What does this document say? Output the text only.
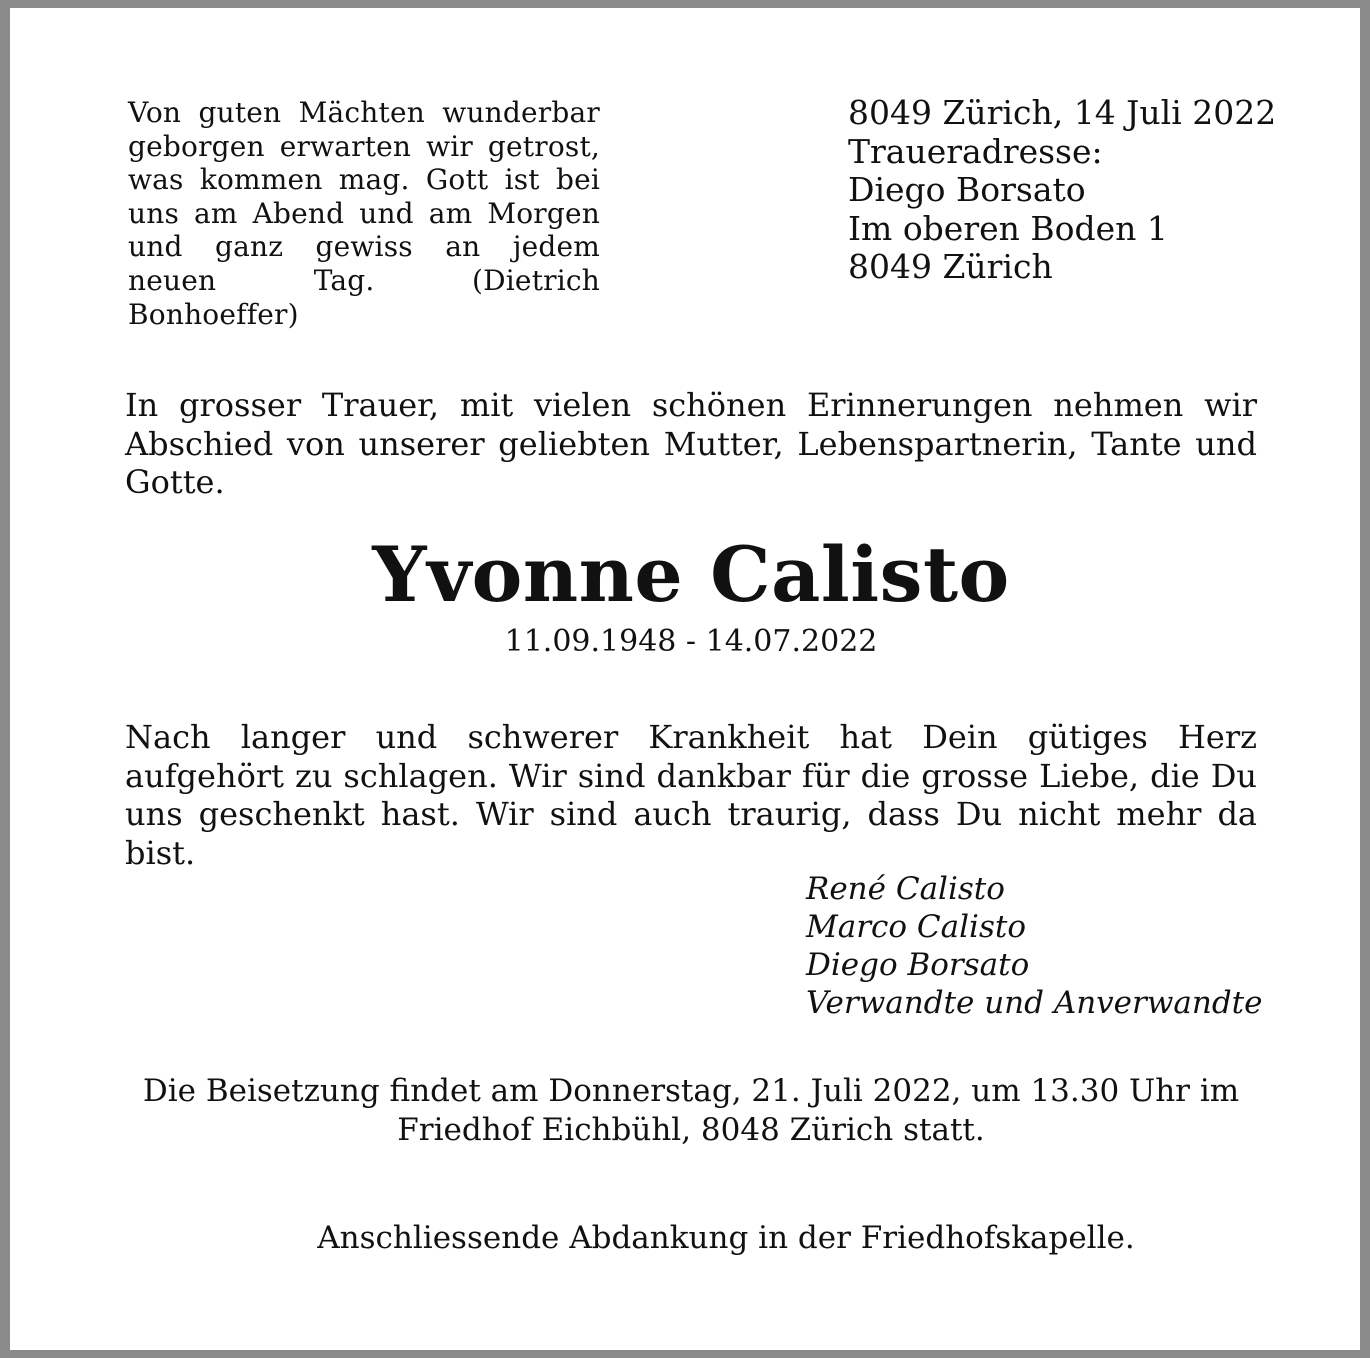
Von guten Mächten wunderbar geborgen erwarten wir getrost, was kommen mag. Gott ist bei uns am Abend und am Morgen und ganz gewiss an jedem neuen Tag. (Dietrich Bonhoeffer)
8049 Zürich, 14 Juli 2022
Traueradresse:
Diego Borsato
Im oberen Boden 1
8049 Zürich
In grosser Trauer, mit vielen schönen Erinnerungen nehmen wir Abschied von unserer geliebten Mutter, Lebenspartnerin, Tante und Gotte.
Yvonne Calisto
11.09.1948 - 14.07.2022
Nach langer und schwerer Krankheit hat Dein gütiges Herz aufgehört zu schlagen. Wir sind dankbar für die grosse Liebe, die Du uns geschenkt hast. Wir sind auch traurig, dass Du nicht mehr da bist.
René Calisto
Marco Calisto
Diego Borsato
Verwandte und Anverwandte
Die Beisetzung findet am Donnerstag, 21. Juli 2022, um 13.30 Uhr im Friedhof Eichbühl, 8048 Zürich statt.
Anschliessende Abdankung in der Friedhofskapelle.
